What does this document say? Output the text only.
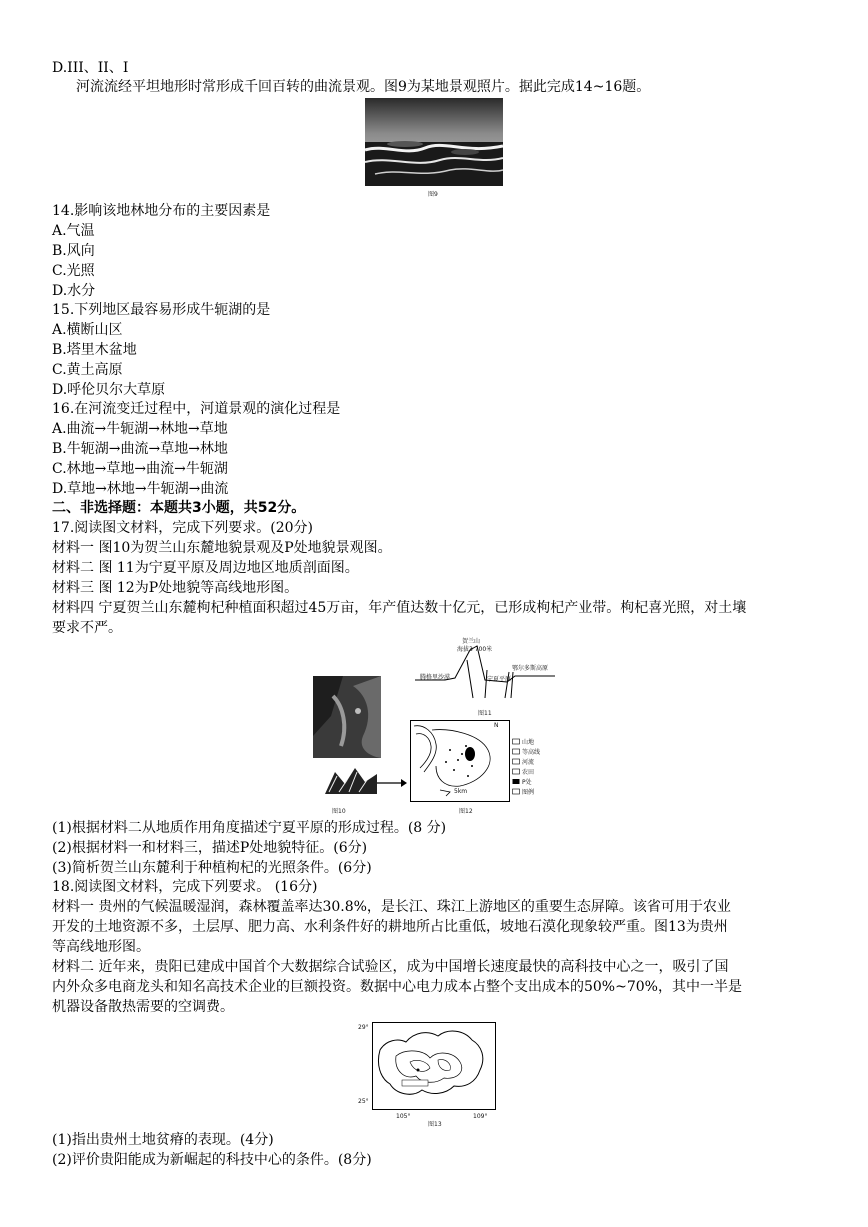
D.III、II、I
河流流经平坦地形时常形成千回百转的曲流景观。图9为某地景观照片。据此完成14~16题。
图9
14.影响该地林地分布的主要因素是
A.气温
B.风向
C.光照
D.水分
15.下列地区最容易形成牛轭湖的是
A.横断山区
B.塔里木盆地
C.黄土高原
D.呼伦贝尔大草原
16.在河流变迁过程中，河道景观的演化过程是
A.曲流→牛轭湖→林地→草地
B.牛轭湖→曲流→草地→林地
C.林地→草地→曲流→牛轭湖
D.草地→林地→牛轭湖→曲流
二、非选择题：本题共3小题，共52分。
17.阅读图文材料，完成下列要求。(20分)
材料一 图10为贺兰山东麓地貌景观及P处地貌景观图。
材料二 图 11为宁夏平原及周边地区地质剖面图。
材料三 图 12为P处地貌等高线地形图。
材料四 宁夏贺兰山东麓枸杞种植面积超过45万亩，年产值达数十亿元，已形成枸杞产业带。枸杞喜光照，对土壤
要求不严。
图10
贺兰山
海拔3 700米
腾格里沙漠	宁夏平原
鄂尔多斯高原
图11
N
5km
山地
等高线
河流
农田
P处
图例
图12
(1)根据材料二从地质作用角度描述宁夏平原的形成过程。(8 分)
(2)根据材料一和材料三，描述P处地貌特征。(6分)
(3)简析贺兰山东麓利于种植枸杞的光照条件。(6分)
18.阅读图文材料，完成下列要求。 (16分)
材料一 贵州的气候温暖湿润，森林覆盖率达30.8%，是长江、珠江上游地区的重要生态屏障。该省可用于农业
开发的土地资源不多，土层厚、肥力高、水利条件好的耕地所占比重低，坡地石漠化现象较严重。图13为贵州
等高线地形图。
材料二 近年来，贵阳已建成中国首个大数据综合试验区，成为中国增长速度最快的高科技中心之一，吸引了国
内外众多电商龙头和知名高技术企业的巨额投资。数据中心电力成本占整个支出成本的50%~70%，其中一半是
机器设备散热需要的空调费。
29°
25°
105°	109°
图13
(1)指出贵州土地贫瘠的表现。(4分)
(2)评价贵阳能成为新崛起的科技中心的条件。(8分)
